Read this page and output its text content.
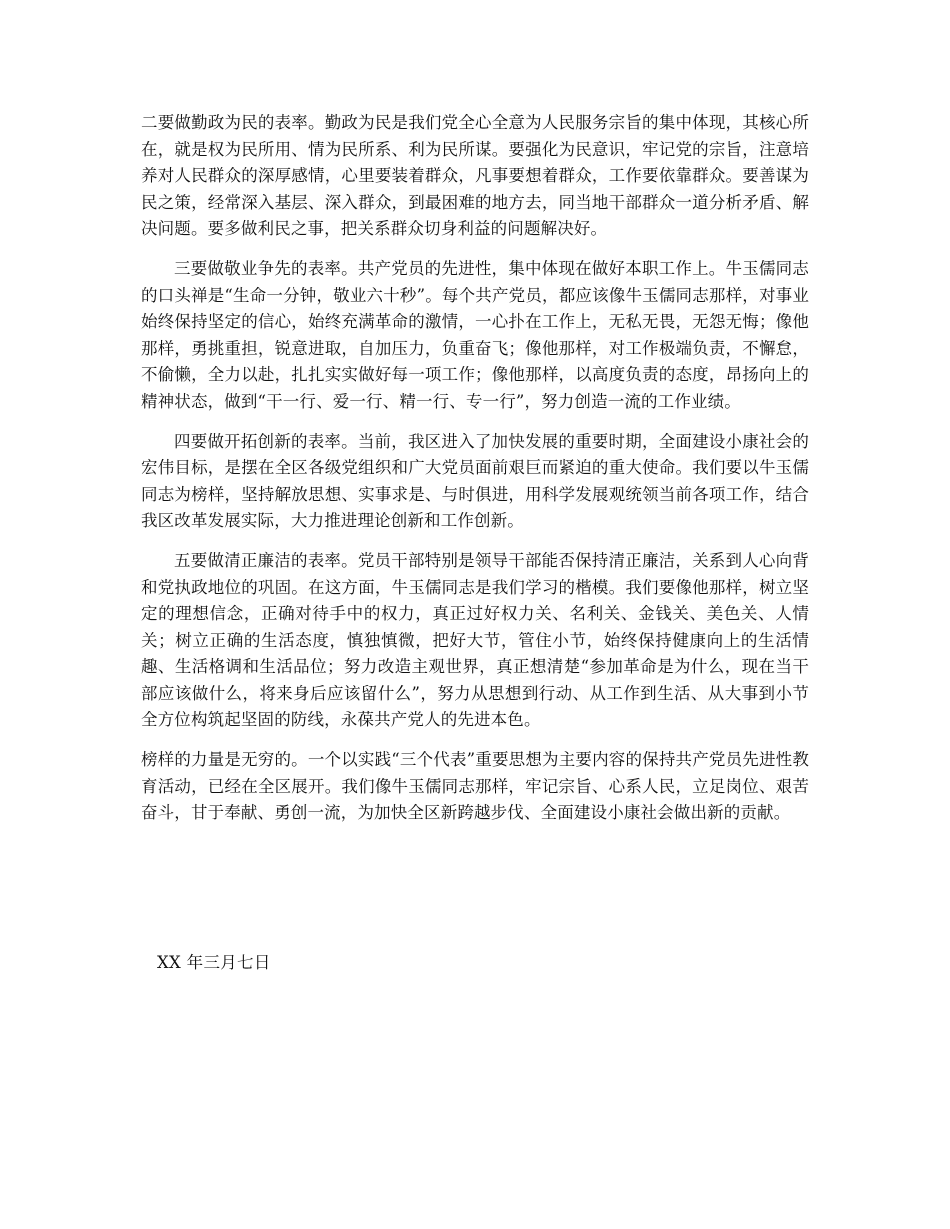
二要做勤政为民的表率。勤政为民是我们党全心全意为人民服务宗旨的集中体现，其核心所在，就是权为民所用、情为民所系、利为民所谋。要强化为民意识，牢记党的宗旨，注意培养对人民群众的深厚感情，心里要装着群众，凡事要想着群众，工作要依靠群众。要善谋为民之策，经常深入基层、深入群众，到最困难的地方去，同当地干部群众一道分析矛盾、解决问题。要多做利民之事，把关系群众切身利益的问题解决好。

三要做敬业争先的表率。共产党员的先进性，集中体现在做好本职工作上。牛玉儒同志的口头禅是“生命一分钟，敬业六十秒”。每个共产党员，都应该像牛玉儒同志那样，对事业始终保持坚定的信心，始终充满革命的激情，一心扑在工作上，无私无畏，无怨无悔；像他那样，勇挑重担，锐意进取，自加压力，负重奋飞；像他那样，对工作极端负责，不懈怠，不偷懒，全力以赴，扎扎实实做好每一项工作；像他那样，以高度负责的态度，昂扬向上的精神状态，做到“干一行、爱一行、精一行、专一行”，努力创造一流的工作业绩。

四要做开拓创新的表率。当前，我区进入了加快发展的重要时期，全面建设小康社会的宏伟目标，是摆在全区各级党组织和广大党员面前艰巨而紧迫的重大使命。我们要以牛玉儒同志为榜样，坚持解放思想、实事求是、与时俱进，用科学发展观统领当前各项工作，结合我区改革发展实际，大力推进理论创新和工作创新。

五要做清正廉洁的表率。党员干部特别是领导干部能否保持清正廉洁，关系到人心向背和党执政地位的巩固。在这方面，牛玉儒同志是我们学习的楷模。我们要像他那样，树立坚定的理想信念，正确对待手中的权力，真正过好权力关、名利关、金钱关、美色关、人情关；树立正确的生活态度，慎独慎微，把好大节，管住小节，始终保持健康向上的生活情趣、生活格调和生活品位；努力改造主观世界，真正想清楚“参加革命是为什么，现在当干部应该做什么，将来身后应该留什么”，努力从思想到行动、从工作到生活、从大事到小节全方位构筑起坚固的防线，永葆共产党人的先进本色。

榜样的力量是无穷的。一个以实践“三个代表”重要思想为主要内容的保持共产党员先进性教育活动，已经在全区展开。我们像牛玉儒同志那样，牢记宗旨、心系人民，立足岗位、艰苦奋斗，甘于奉献、勇创一流，为加快全区新跨越步伐、全面建设小康社会做出新的贡献。

XX 年三月七日
